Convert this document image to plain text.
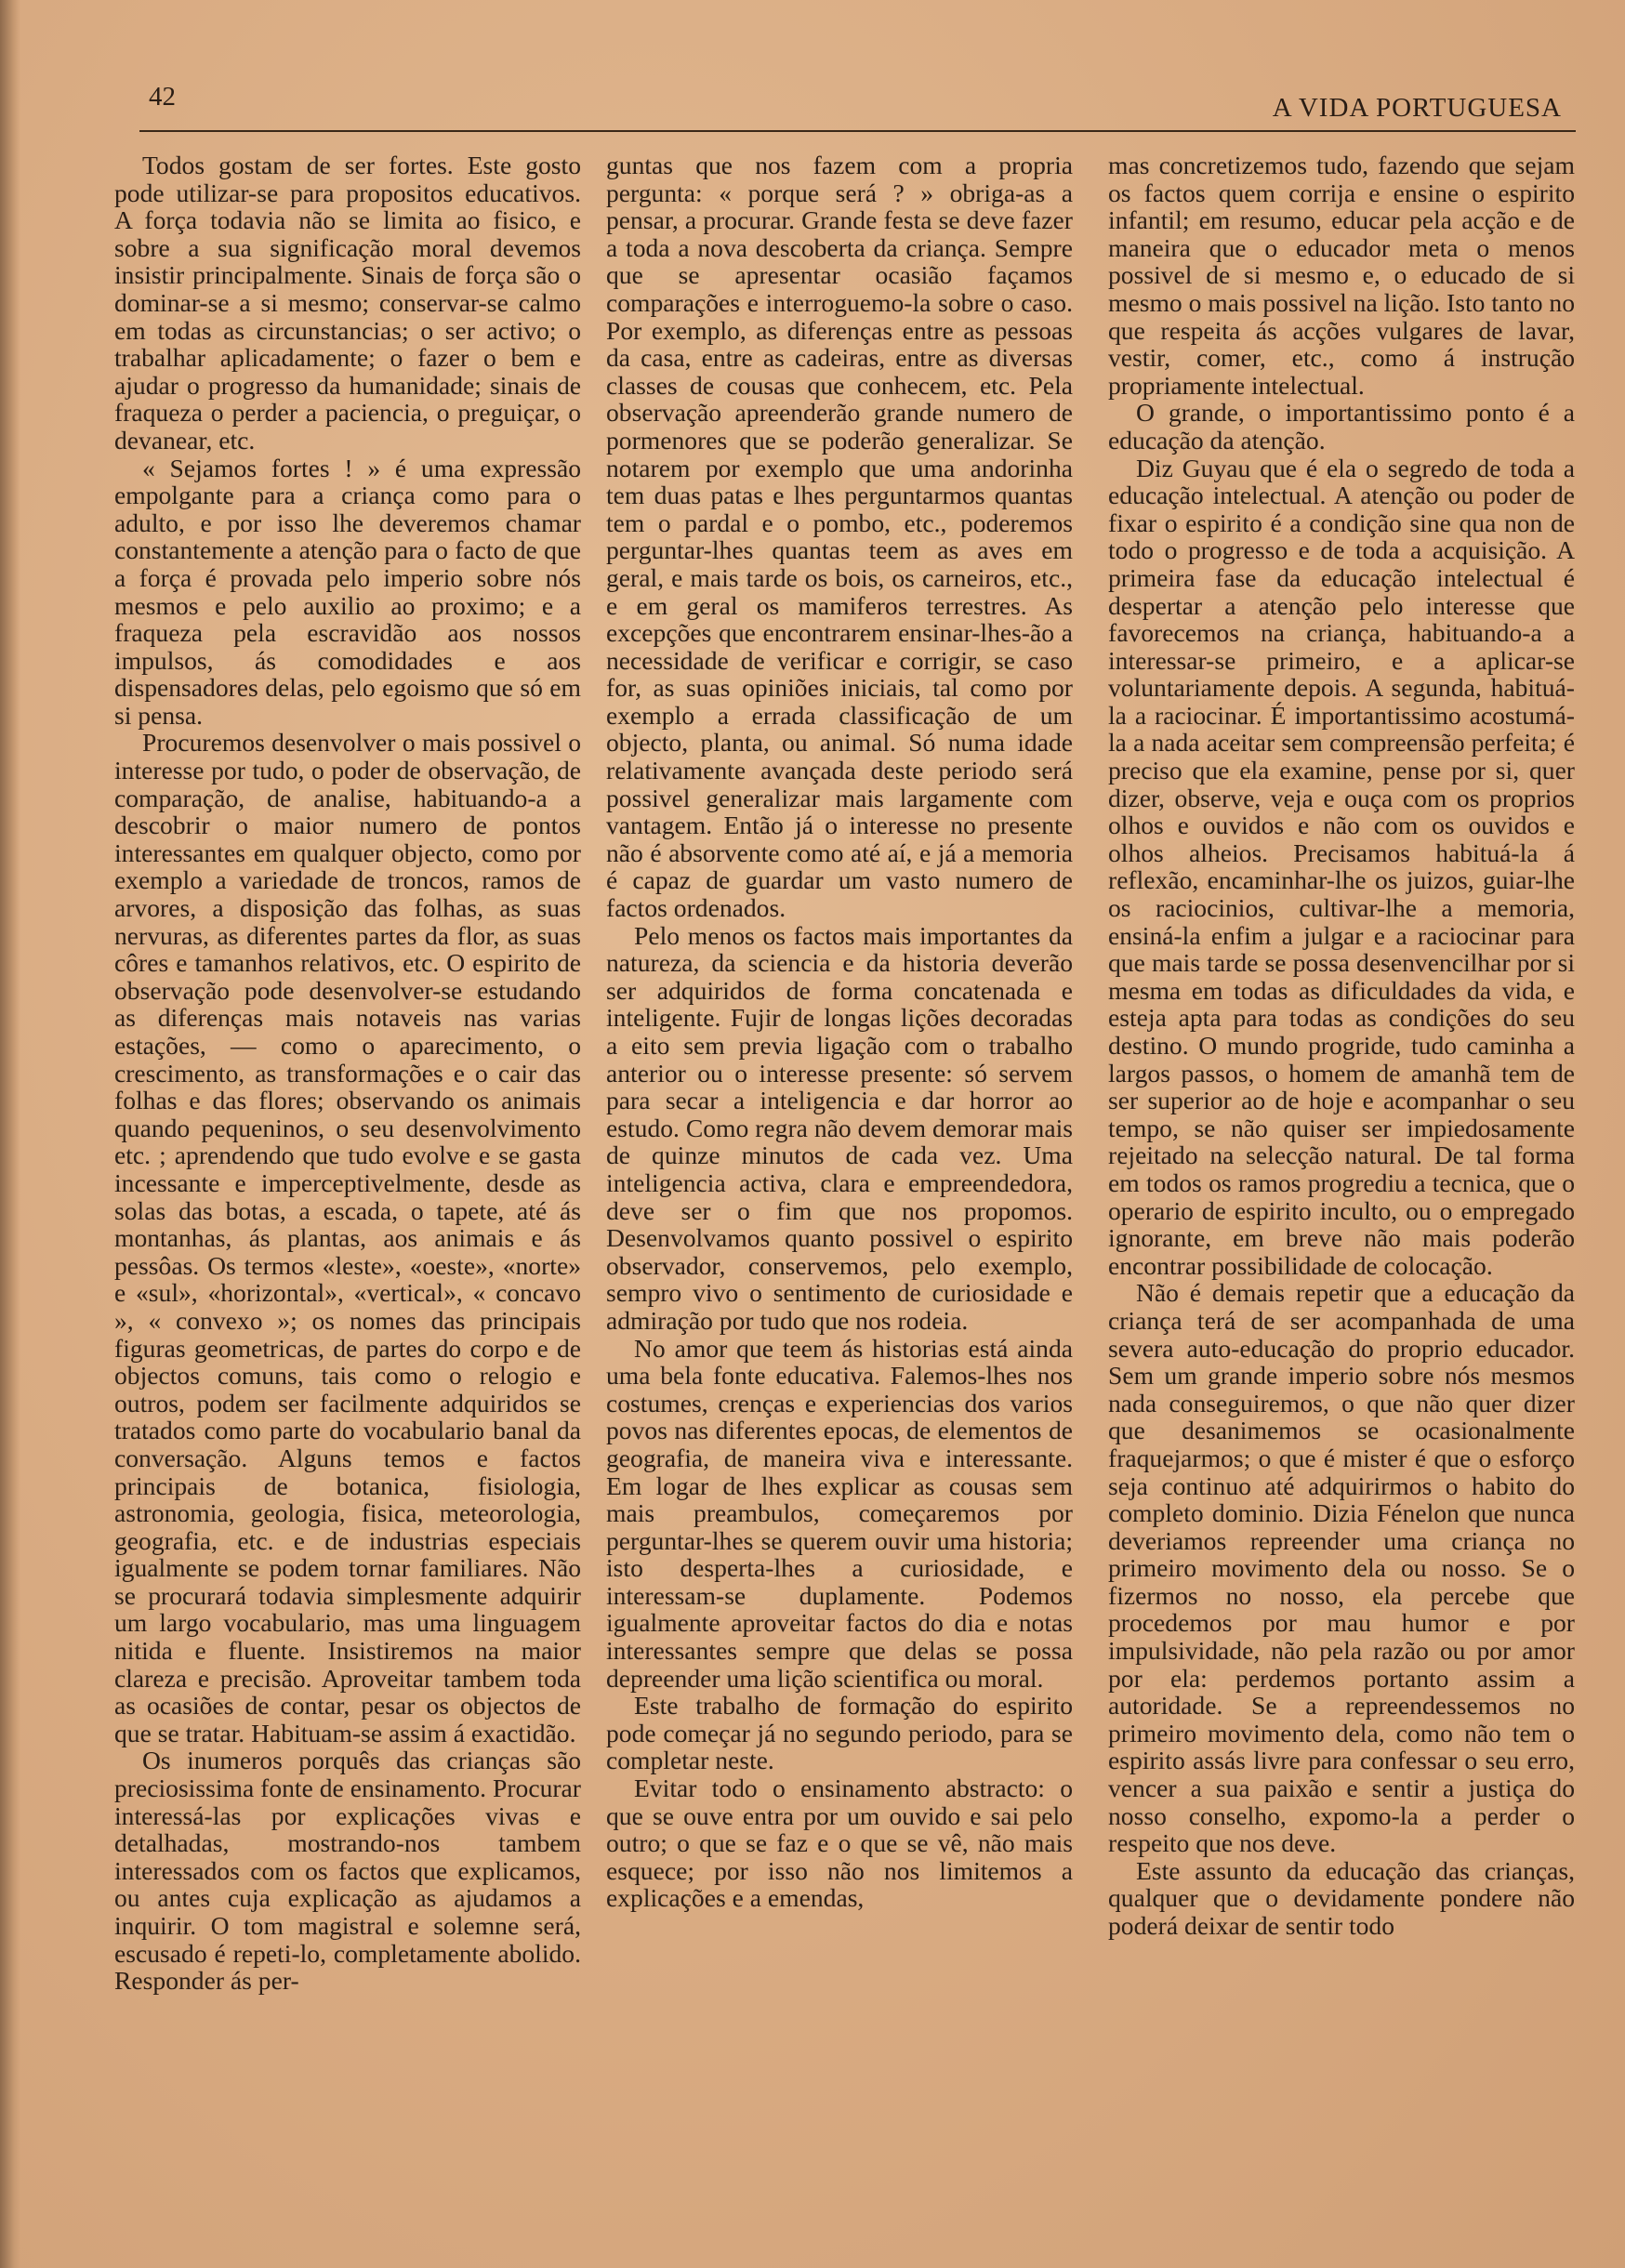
42	A VIDA PORTUGUESA

Todos gostam de ser fortes. Este gosto pode utilizar-se para propositos educativos. A força todavia não se limita ao fisico, e sobre a sua significação moral devemos insistir principalmente. Sinais de força são o dominar-se a si mesmo; conservar-se calmo em todas as circunstancias; o ser activo; o trabalhar aplicadamente; o fazer o bem e ajudar o progresso da humanidade; sinais de fraqueza o perder a paciencia, o preguiçar, o devanear, etc.

« Sejamos fortes ! » é uma expressão empolgante para a criança como para o adulto, e por isso lhe deveremos chamar constantemente a atenção para o facto de que a força é provada pelo imperio sobre nós mesmos e pelo auxilio ao proximo; e a fraqueza pela escravidão aos nossos impulsos, ás comodidades e aos dispensadores delas, pelo egoismo que só em si pensa.

Procuremos desenvolver o mais possivel o interesse por tudo, o poder de observação, de comparação, de analise, habituando-a a descobrir o maior numero de pontos interessantes em qualquer objecto, como por exemplo a variedade de troncos, ramos de arvores, a disposição das folhas, as suas nervuras, as diferentes partes da flor, as suas côres e tamanhos relativos, etc. O espirito de observação pode desenvolver-se estudando as diferenças mais notaveis nas varias estações, — como o aparecimento, o crescimento, as transformações e o cair das folhas e das flores; observando os animais quando pequeninos, o seu desenvolvimento etc. ; aprendendo que tudo evolve e se gasta incessante e imperceptivelmente, desde as solas das botas, a escada, o tapete, até ás montanhas, ás plantas, aos animais e ás pessôas. Os termos «leste», «oeste», «norte» e «sul», «horizontal», «vertical», « concavo », « convexo »; os nomes das principais figuras geometricas, de partes do corpo e de objectos comuns, tais como o relogio e outros, podem ser facilmente adquiridos se tratados como parte do vocabulario banal da conversação. Alguns temos e factos principais de botanica, fisiologia, astronomia, geologia, fisica, meteorologia, geografia, etc. e de industrias especiais igualmente se podem tornar familiares. Não se procurará todavia simplesmente adquirir um largo vocabulario, mas uma linguagem nitida e fluente. Insistiremos na maior clareza e precisão. Aproveitar tambem toda as ocasiões de contar, pesar os objectos de que se tratar. Habituam-se assim á exactidão.

Os inumeros porquês das crianças são preciosissima fonte de ensinamento. Procurar interessá-las por explicações vivas e detalhadas, mostrando-nos tambem interessados com os factos que explicamos, ou antes cuja explicação as ajudamos a inquirir. O tom magistral e solemne será, escusado é repeti-lo, completamente abolido. Responder ás per-

guntas que nos fazem com a propria pergunta: « porque será ? » obriga-as a pensar, a procurar. Grande festa se deve fazer a toda a nova descoberta da criança. Sempre que se apresentar ocasião façamos comparações e interroguemo-la sobre o caso. Por exemplo, as diferenças entre as pessoas da casa, entre as cadeiras, entre as diversas classes de cousas que conhecem, etc. Pela observação apreenderão grande numero de pormenores que se poderão generalizar. Se notarem por exemplo que uma andorinha tem duas patas e lhes perguntarmos quantas tem o pardal e o pombo, etc., poderemos perguntar-lhes quantas teem as aves em geral, e mais tarde os bois, os carneiros, etc., e em geral os mamiferos terrestres. As excepções que encontrarem ensinar-lhes-ão a necessidade de verificar e corrigir, se caso for, as suas opiniões iniciais, tal como por exemplo a errada classificação de um objecto, planta, ou animal. Só numa idade relativamente avançada deste periodo será possivel generalizar mais largamente com vantagem. Então já o interesse no presente não é absorvente como até aí, e já a memoria é capaz de guardar um vasto numero de factos ordenados.

Pelo menos os factos mais importantes da natureza, da sciencia e da historia deverão ser adquiridos de forma concatenada e inteligente. Fujir de longas lições decoradas a eito sem previa ligação com o trabalho anterior ou o interesse presente: só servem para secar a inteligencia e dar horror ao estudo. Como regra não devem demorar mais de quinze minutos de cada vez. Uma inteligencia activa, clara e empreendedora, deve ser o fim que nos propomos. Desenvolvamos quanto possivel o espirito observador, conservemos, pelo exemplo, sempro vivo o sentimento de curiosidade e admiração por tudo que nos rodeia.

No amor que teem ás historias está ainda uma bela fonte educativa. Falemos-lhes nos costumes, crenças e experiencias dos varios povos nas diferentes epocas, de elementos de geografia, de maneira viva e interessante. Em logar de lhes explicar as cousas sem mais preambulos, começaremos por perguntar-lhes se querem ouvir uma historia; isto desperta-lhes a curiosidade, e interessam-se duplamente. Podemos igualmente aproveitar factos do dia e notas interessantes sempre que delas se possa depreender uma lição scientifica ou moral.

Este trabalho de formação do espirito pode começar já no segundo periodo, para se completar neste.

Evitar todo o ensinamento abstracto: o que se ouve entra por um ouvido e sai pelo outro; o que se faz e o que se vê, não mais esquece; por isso não nos limitemos a explicações e a emendas,

mas concretizemos tudo, fazendo que sejam os factos quem corrija e ensine o espirito infantil; em resumo, educar pela acção e de maneira que o educador meta o menos possivel de si mesmo e, o educado de si mesmo o mais possivel na lição. Isto tanto no que respeita ás acções vulgares de lavar, vestir, comer, etc., como á instrução propriamente intelectual.

O grande, o importantissimo ponto é a educação da atenção.

Diz Guyau que é ela o segredo de toda a educação intelectual. A atenção ou poder de fixar o espirito é a condição sine qua non de todo o progresso e de toda a acquisição. A primeira fase da educação intelectual é despertar a atenção pelo interesse que favorecemos na criança, habituando-a a interessar-se primeiro, e a aplicar-se voluntariamente depois. A segunda, habituá-la a raciocinar. É importantissimo acostumá-la a nada aceitar sem compreensão perfeita; é preciso que ela examine, pense por si, quer dizer, observe, veja e ouça com os proprios olhos e ouvidos e não com os ouvidos e olhos alheios. Precisamos habituá-la á reflexão, encaminhar-lhe os juizos, guiar-lhe os raciocinios, cultivar-lhe a memoria, ensiná-la enfim a julgar e a raciocinar para que mais tarde se possa desenvencilhar por si mesma em todas as dificuldades da vida, e esteja apta para todas as condições do seu destino. O mundo progride, tudo caminha a largos passos, o homem de amanhã tem de ser superior ao de hoje e acompanhar o seu tempo, se não quiser ser impiedosamente rejeitado na selecção natural. De tal forma em todos os ramos progrediu a tecnica, que o operario de espirito inculto, ou o empregado ignorante, em breve não mais poderão encontrar possibilidade de colocação.

Não é demais repetir que a educação da criança terá de ser acompanhada de uma severa auto-educação do proprio educador. Sem um grande imperio sobre nós mesmos nada conseguiremos, o que não quer dizer que desanimemos se ocasionalmente fraquejarmos; o que é mister é que o esforço seja continuo até adquirirmos o habito do completo dominio. Dizia Fénelon que nunca deveriamos repreender uma criança no primeiro movimento dela ou nosso. Se o fizermos no nosso, ela percebe que procedemos por mau humor e por impulsividade, não pela razão ou por amor por ela: perdemos portanto assim a autoridade. Se a repreendessemos no primeiro movimento dela, como não tem o espirito assás livre para confessar o seu erro, vencer a sua paixão e sentir a justiça do nosso conselho, expomo-la a perder o respeito que nos deve.

Este assunto da educação das crianças, qualquer que o devidamente pondere não poderá deixar de sentir todo
